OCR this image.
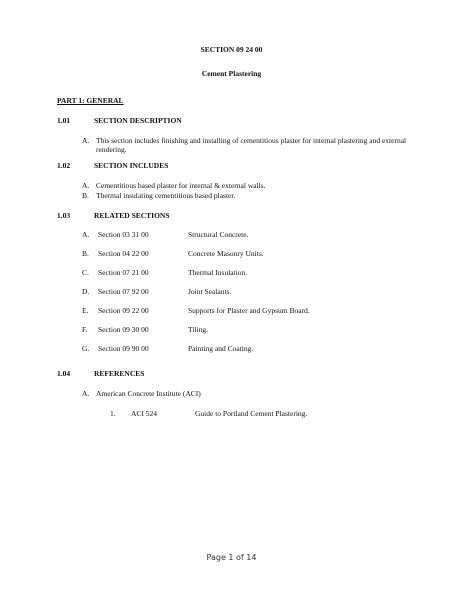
SECTION 09 24 00
Cement Plastering
PART 1: GENERAL
1.01	SECTION DESCRIPTION
A. This section includes finishing and installing of cementitious plaster for internal plastering and external rendering.
1.02	SECTION INCLUDES
A. Cementitious based plaster for internal & external walls.
B. Thermal insulating cementitious based plaster.
1.03	RELATED SECTIONS
A. Section 03 31 00	Structural Concrete.
B. Section 04 22 00	Concrete Masonry Units.
C. Section 07 21 00	Thermal Insulation.
D. Section 07 92 00	Joint Sealants.
E. Section 09 22 00	Supports for Plaster and Gypsum Board.
F. Section 09 30 00	Tiling.
G. Section 09 90 00	Painting and Coating.
1.04	REFERENCES
A. American Concrete Institute (ACI)
1. ACI 524	Guide to Portland Cement Plastering.
Page 1 of 14
